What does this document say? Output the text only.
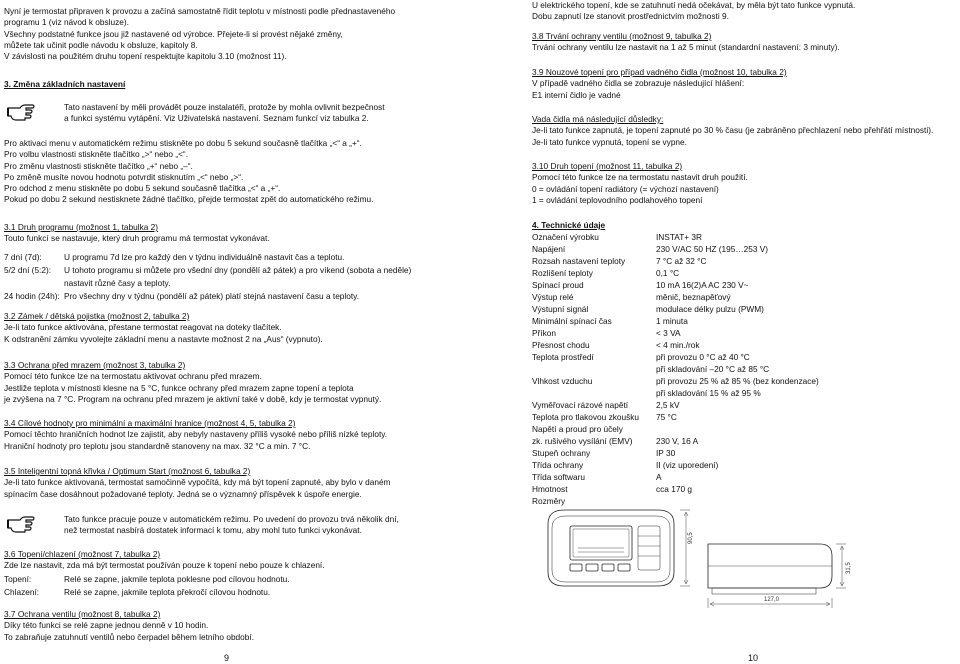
Nyní je termostat připraven k provozu a začíná samostatně řídit teplotu v místnosti podle přednastaveného

programu 1 (viz návod k obsluze).

Všechny podstatné funkce jsou již nastavené od výrobce. Přejete-li si provést nějaké změny,

můžete tak učinit podle návodu k obsluze, kapitoly 8.

V závislosti na použitém druhu topení respektujte kapitolu 3.10 (možnost 11).

3. Změna základních nastavení

Tato nastavení by měli provádět pouze instalatéři, protože by mohla ovlivnit bezpečnost

a funkci systému vytápění. Viz Uživatelská nastavení. Seznam funkcí viz tabulka 2.

Pro aktivaci menu v automatickém režimu stiskněte po dobu 5 sekund současně tlačítka „<“ a „+“.

Pro volbu vlastnosti stiskněte tlačítko „>“ nebo „<“.

Pro změnu vlastnosti stiskněte tlačítko „+“ nebo „–“.

Po změně musíte novou hodnotu potvrdit stisknutím „<“ nebo „>“.

Pro odchod z menu stiskněte po dobu 5 sekund současně tlačítka „<“ a „+“.

Pokud po dobu 2 sekund nestisknete žádné tlačítko, přejde termostat zpět do automatického režimu.

3.1 Druh programu (možnost 1, tabulka 2)

Touto funkcí se nastavuje, který druh programu má termostat vykonávat.

7 dní (7d):	U programu 7d lze pro každý den v týdnu individuálně nastavit čas a teplotu.
5/2 dní (5:2): U tohoto programu si můžete pro všední dny (pondělí až pátek) a pro víkend (sobota a neděle)
nastavit různé časy a teploty.
24 hodin (24h): Pro všechny dny v týdnu (pondělí až pátek) platí stejná nastavení času a teploty.

3.2 Zámek / dětská pojistka (možnost 2, tabulka 2)

Je-li tato funkce aktivována, přestane termostat reagovat na doteky tlačítek.

K odstranění zámku vyvolejte základní menu a nastavte možnost 2 na „Aus“ (vypnuto).

3.3 Ochrana před mrazem (možnost 3, tabulka 2)

Pomocí této funkce lze na termostatu aktivovat ochranu před mrazem.

Jestliže teplota v místnosti klesne na 5 °C, funkce ochrany před mrazem zapne topení a teplota

je zvýšena na 7 °C. Program na ochranu před mrazem je aktivní také v době, kdy je termostat vypnutý.

3.4 Cílové hodnoty pro minimální a maximální hranice (možnost 4, 5, tabulka 2)

Pomocí těchto hraničních hodnot lze zajistit, aby nebyly nastaveny příliš vysoké nebo příliš nízké teploty.

Hraniční hodnoty pro teplotu jsou standardně stanoveny na max. 32 °C a min. 7 °C.

3.5 Inteligentní topná křivka / Optimum Start (možnost 6, tabulka 2)

Je-li tato funkce aktivovaná, termostat samočinně vypočítá, kdy má být topení zapnuté, aby bylo v daném

spínacím čase dosáhnout požadované teploty. Jedná se o významný příspěvek k úspoře energie.

Tato funkce pracuje pouze v automatickém režimu. Po uvedení do provozu trvá několik dní,

než termostat nasbírá dostatek informací k tomu, aby mohl tuto funkci vykonávat.

3.6 Topení/chlazení (možnost 7, tabulka 2)

Zde lze nastavit, zda má být termostat používán pouze k topení nebo pouze k chlazení.

Topení:	Relé se zapne, jakmile teplota poklesne pod cílovou hodnotu.
Chlazení:	Relé se zapne, jakmile teplota překročí cílovou hodnotu.

3.7 Ochrana ventilu (možnost 8, tabulka 2)

Díky této funkci se relé zapne jednou denně v 10 hodin.

To zabraňuje zatuhnutí ventilů nebo čerpadel během letního období.

9

U elektrického topení, kde se zatuhnutí nedá očekávat, by měla být tato funkce vypnutá.

Dobu zapnutí lze stanovit prostřednictvím možnosti 9.

3.8 Trvání ochrany ventilu (možnost 9, tabulka 2)

Trvání ochrany ventilu lze nastavit na 1 až 5 minut (standardní nastavení: 3 minuty).

3.9 Nouzové topení pro případ vadného čidla (možnost 10, tabulka 2)

V případě vadného čidla se zobrazuje následující hlášení:

E1 interní čidlo je vadné

Vada čidla má následující důsledky:

Je-li tato funkce zapnutá, je topení zapnuté po 30 % času (je zabráněno přechlazení nebo přehřátí místnosti).

Je-li tato funkce vypnutá, topení se vypne.

3.10 Druh topení (možnost 11, tabulka 2)

Pomocí této funkce lze na termostatu nastavit druh použití.

0 = ovládání topení radiátory (= výchozí nastavení)

1 = ovládání teplovodního podlahového topení

4. Technické údaje

Označení výrobku	INSTAT+ 3R
Napájení	230 V/AC 50 HZ (195…253 V)
Rozsah nastavení teploty	7 °C až 32 °C
Rozlišení teploty	0,1 °C
Spínací proud	10 mA 16(2)A AC 230 V~
Výstup relé	měnič, beznapěťový
Výstupní signál	modulace délky pulzu (PWM)
Minimální spínací čas	1 minuta
Příkon	< 3 VA
Přesnost chodu	< 4 min./rok
Teplota prostředí	při provozu 0 °C až 40 °C
při skladování –20 °C až 85 °C
Vlhkost vzduchu	při provozu 25 % až 85 % (bez kondenzace)
při skladování 15 % až 95 %
Vyměřovací rázové napětí	2,5 kV
Teplota pro tlakovou zkoušku 75 °C
Napětí a proud pro účely
zk. rušivého vysílání (EMV)	230 V, 16 A
Stupeň ochrany	IP 30
Třída ochrany	II (viz uporedení)
Třída softwaru	A
Hmotnost	cca 170 g
Rozměry
90,5
31,5
127,0
10
